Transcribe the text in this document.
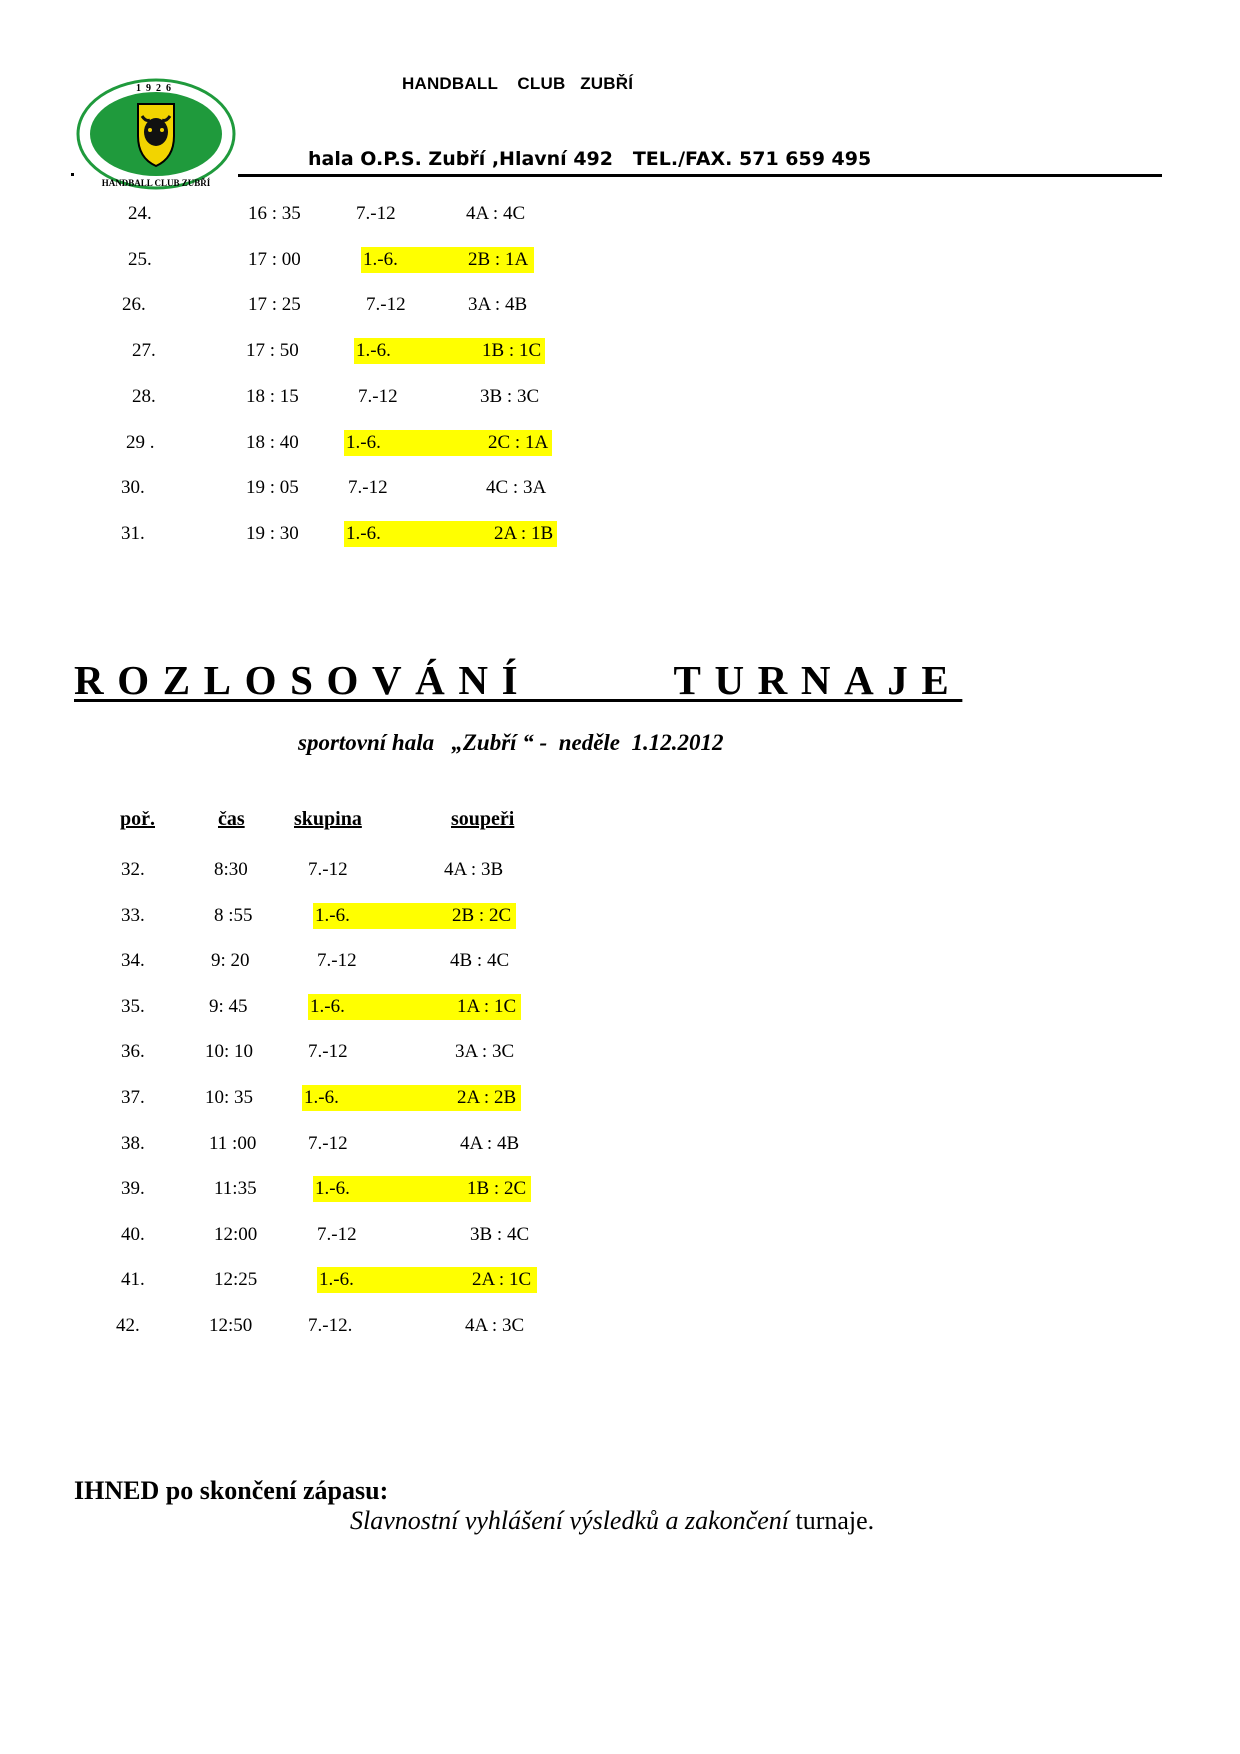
1926
HANDBALL CLUB ZUBŘÍ
HANDBALL    CLUB   ZUBŘÍ
hala O.P.S. Zubří ,Hlavní 492   TEL./FAX. 571 659 495
24.	16 : 35	7.-12	4A : 4C
25.	17 : 00	1.-6.	2B : 1A
26.	17 : 25	7.-12	3A : 4B
27.	17 : 50	1.-6.	1B : 1C
28.	18 : 15	7.-12	3B : 3C
29 .	18 : 40 1.-6.	2C : 1A
30.	19 : 05	7.-12	4C : 3A
31.	19 : 30 1.-6.	2A : 1B
ROZLOSOVÁNÍ      TURNAJE
sportovní hala   „Zubří “ -  neděle  1.12.2012
poř.	čas skupina	soupeři
32.	8:30	7.-12	4A : 3B
33.	8 :55	1.-6.	2B : 2C
34.	9: 20	7.-12	4B : 4C
35.	9: 45	1.-6.	1A : 1C
36.	10: 10	7.-12	3A : 3C
37.	10: 35	1.-6.	2A : 2B
38.	11 :00	7.-12	4A : 4B
39.	11:35	1.-6.	1B : 2C
40.	12:00	7.-12	3B : 4C
41.	12:25	1.-6.	2A : 1C
42.	12:50	7.-12.	4A : 3C
IHNED po skončení zápasu:
Slavnostní vyhlášení výsledků a zakončení turnaje.
